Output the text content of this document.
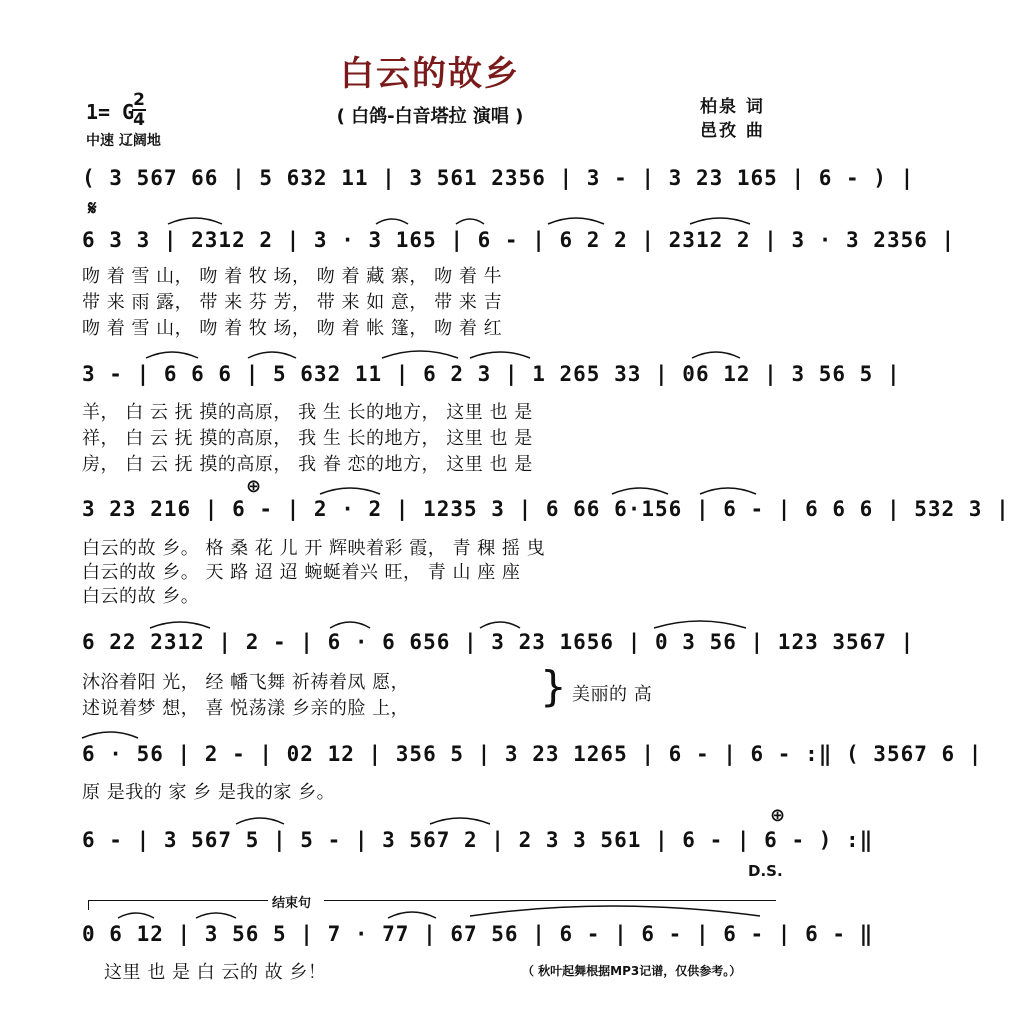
白云的故乡
( 白鸽-白音塔拉 演唱 )	柏泉 词
邑孜 曲
1= G
2
4
中速 辽阔地
( 3 567 66 | 5 632 11 | 3 561 2356 | 3 - | 3 23 165 | 6 - ) |
𝄋
6 3 3 | 2312 2 | 3 · 3 165 | 6 - | 6 2 2 | 2312 2 | 3 · 3 2356 |
吻 着 雪 山， 吻 着 牧 场， 吻 着 藏 寨， 吻 着 牛
带 来 雨 露， 带 来 芬 芳， 带 来 如 意， 带 来 吉
吻 着 雪 山， 吻 着 牧 场， 吻 着 帐 篷， 吻 着 红
3 - | 6 6 6 | 5 632 11 | 6 2 3 | 1 265 33 | 06 12 | 3 56 5 |
羊， 白 云 抚 摸的高原， 我 生 长的地方， 这里 也 是
祥， 白 云 抚 摸的高原， 我 生 长的地方， 这里 也 是
房， 白 云 抚 摸的高原， 我 眷 恋的地方， 这里 也 是
⊕
3 23 216 | 6 - | 2 · 2 | 1235 3 | 6 66 6·156 | 6 - | 6 6 6 | 532 3 |
白云的故 乡。 格 桑 花 儿 开 辉映着彩 霞， 青 稞 摇 曳
白云的故 乡。 天 路 迢 迢 蜿蜒着兴 旺， 青 山 座 座
白云的故 乡。
6 22 2312 | 2 - | 6 · 6 656 | 3 23 1656 | 0 3 56 | 123 3567 |
沐浴着阳 光， 经 幡飞舞 祈祷着凤 愿，
述说着梦 想， 喜 悦荡漾 乡亲的脸 上，	} 美丽的 高
6 · 56 | 2 - | 02 12 | 356 5 | 3 23 1265 | 6 - | 6 - :‖ ( 3567 6 |
原 是我的 家 乡 是我的家 乡。
⊕
6 - | 3 567 5 | 5 - | 3 567 2 | 2 3 3 561 | 6 - | 6 - ) :‖
D.S.
结束句
0 6 12 | 3 56 5 | 7 · 77 | 67 56 | 6 - | 6 - | 6 - | 6 - ‖
这里 也 是 白 云的 故 乡！	（ 秋叶起舞根据MP3记谱，仅供参考。）
